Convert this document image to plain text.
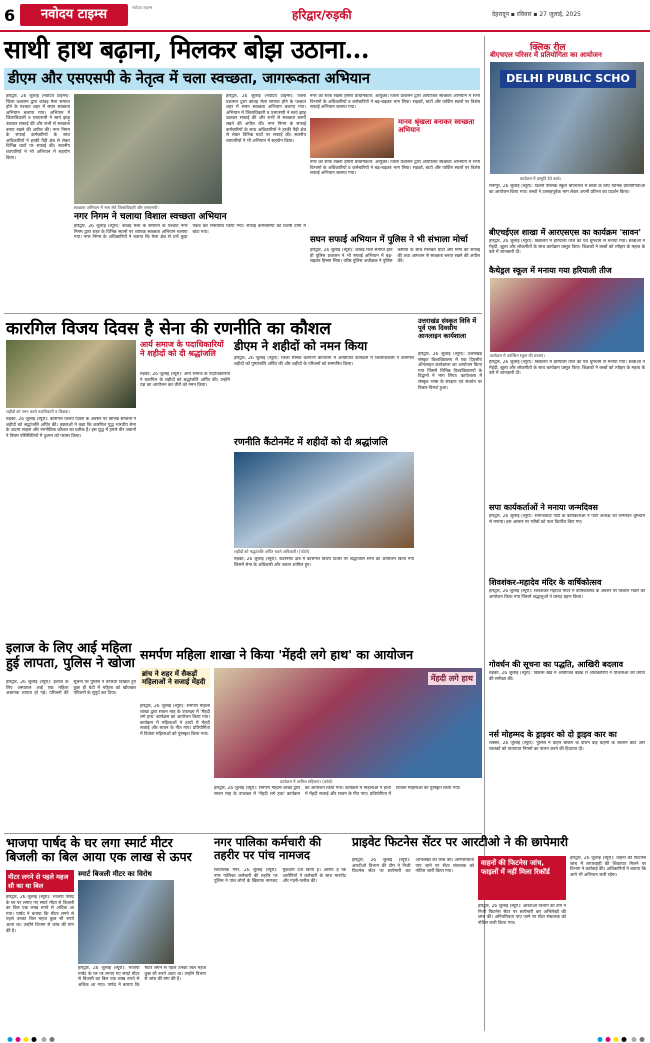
6	नवोदय टाइम्स	नवोदय टाइम्स
हरिद्वार/रुड़की	देहरादून ▪ रविवार ▪ 27 जुलाई, 2025
साथी हाथ बढ़ाना, मिलकर बोझ उठाना...
डीएम और एसएसपी के नेतृत्व में चला स्वच्छता, जागरूकता अभियान
हरिद्वार, 26 जुलाई (नवोदय टाइम्स): जिला प्रशासन द्वारा कांवड़ मेला समाप्त होने के पश्चात शहर में सघन स्वच्छता अभियान चलाया गया। अभियान में जिलाधिकारी व एसएसपी ने स्वयं झाड़ू उठाकर सफाई की और सभी से स्वच्छता बनाए रखने की अपील की। नगर निगम के सफाई कर्मचारियों के साथ अधिकारियों ने हरकी पैड़ी क्षेत्र से लेकर विभिन्न घाटों पर सफाई की। स्थानीय व्यापारियों ने भी अभियान में सहयोग किया।
स्वच्छता अभियान में भाग लेते जिलाधिकारी और एसएसपी।
हरिद्वार, 26 जुलाई (नवोदय टाइम्स): जिला प्रशासन द्वारा कांवड़ मेला समाप्त होने के पश्चात शहर में सघन स्वच्छता अभियान चलाया गया। अभियान में जिलाधिकारी व एसएसपी ने स्वयं झाड़ू उठाकर सफाई की और सभी से स्वच्छता बनाए रखने की अपील की। नगर निगम के सफाई कर्मचारियों के साथ अधिकारियों ने हरकी पैड़ी क्षेत्र से लेकर विभिन्न घाटों पर सफाई की। स्थानीय व्यापारियों ने भी अभियान में सहयोग किया।
नगर को साफ रखना हमारी प्राथमिकता: आयुक्त। जिला प्रशासन द्वारा आयोजित स्वच्छता अभियान में सभी विभागों के अधिकारियों व कर्मचारियों ने बढ़-चढ़कर भाग लिया। सड़कों, घाटों और पार्किंग स्थलों पर विशेष सफाई अभियान चलाया गया।
मानव श्रृंखला बनाकर स्वच्छता अभियान
नगर को साफ रखना हमारी प्राथमिकता: आयुक्त। जिला प्रशासन द्वारा आयोजित स्वच्छता अभियान में सभी विभागों के अधिकारियों व कर्मचारियों ने बढ़-चढ़कर भाग लिया। सड़कों, घाटों और पार्किंग स्थलों पर विशेष सफाई अभियान चलाया गया।
नगर निगम ने चलाया विशाल स्वच्छता अभियान
हरिद्वार, 26 जुलाई (ब्यूरो): कांवड़ मेला के समापन के पश्चात नगर निगम द्वारा शहर के विभिन्न स्थानों पर व्यापक स्वच्छता अभियान चलाया गया। नगर निगम के अधिकारियों ने बताया कि मेला क्षेत्र से टनों कूड़ा एकत्र कर निस्तारित किया गया। सफाई कर्मचारियों को विशेष टीमों में बांटा गया।
सघन सफाई अभियान में पुलिस ने भी संभाला मोर्चा
हरिद्वार, 26 जुलाई (ब्यूरो): कांवड़ मेला समाप्त होते ही पुलिस प्रशासन ने भी सफाई अभियान में बढ़-चढ़कर हिस्सा लिया। वरिष्ठ पुलिस अधीक्षक ने पुलिस कर्मियों के साथ मिलकर घाटों और मार्गों की सफाई की तथा आमजन से स्वच्छता बनाए रखने की अपील की।
क्लिक रील
बीएचएल परिसर में प्रतियोगिता का आयोजन
DELHI PUBLIC SCHO
कार्यक्रम में प्रस्तुति देते बच्चे।
रानीपुर, 26 जुलाई (ब्यूरो): दिल्ली पब्लिक स्कूल बीएचएल में छात्रों के लिए विभिन्न प्रतियोगिताओं का आयोजन किया गया। बच्चों ने उत्साहपूर्वक भाग लेकर अपनी प्रतिभा का प्रदर्शन किया।
बीएचईएल शाखा में आरएसएस का कार्यक्रम 'सावन'
हरिद्वार, 26 जुलाई (ब्यूरो): विद्यालय में हरियाली तीज का पर्व धूमधाम से मनाया गया। छात्राओं ने मेहंदी, झूला और लोकगीतों के साथ कार्यक्रम प्रस्तुत किए। शिक्षकों ने बच्चों को त्योहार के महत्व के बारे में जानकारी दी।
कैथेड्रल स्कूल में मनाया गया हरियाली तीज
कार्यक्रम में उपस्थित स्कूल की छात्राएं।
हरिद्वार, 26 जुलाई (ब्यूरो): विद्यालय में हरियाली तीज का पर्व धूमधाम से मनाया गया। छात्राओं ने मेहंदी, झूला और लोकगीतों के साथ कार्यक्रम प्रस्तुत किए। शिक्षकों ने बच्चों को त्योहार के महत्व के बारे में जानकारी दी।
सपा कार्यकर्ताओं ने मनाया जन्मदिवस
हरिद्वार, 26 जुलाई (ब्यूरो): समाजवादी पार्टी के कार्यकर्ताओं ने पार्टी अध्यक्ष का जन्मदिन धूमधाम से मनाया। इस अवसर पर गरीबों को फल वितरित किए गए।
शिवशंकर-महादेव मंदिर के वार्षिकोत्सव
हरिद्वार, 26 जुलाई (ब्यूरो): शिवशंकर महादेव मंदिर में वार्षिकोत्सव के अवसर पर विशाल भंडारे का आयोजन किया गया जिसमें श्रद्धालुओं ने प्रसाद ग्रहण किया।
गोवर्धन की सूचना का पद्धति, आखिरी बदलाव
रुड़की, 26 जुलाई (ब्यूरो): विकास खंड में आयोजित बैठक में अधिकारियों ने योजनाओं की प्रगति की समीक्षा की।
नर्स मोहम्मद के ड्राइवर को दो ड्राइव कार का
लक्सर, 26 जुलाई (ब्यूरो): पुलिस ने वाहन चेकिंग के दौरान कई वाहनों के चालान काटे और चालकों को यातायात नियमों का पालन करने की हिदायत दी।
कारगिल विजय दिवस है सेना की रणनीति का कौशल	उत्तराखंड संस्कृत विवि में पूर्व एक दिवसीय आनलाइन कार्यशाला
शहीदों को नमन करते पदाधिकारी व शिक्षक।
रुड़की, 26 जुलाई (ब्यूरो): कारगिल विजय दिवस के अवसर पर विभिन्न संगठनों ने शहीदों को श्रद्धांजलि अर्पित की। वक्ताओं ने कहा कि कारगिल युद्ध भारतीय सेना के अदम्य साहस और रणनीतिक कौशल का प्रतीक है। इस युद्ध में हमारे वीर जवानों ने विषम परिस्थितियों में दुश्मन को परास्त किया।
आर्य समाज के पदाधिकारियों ने शहीदों को दी श्रद्धांजलि
रुड़की, 26 जुलाई (ब्यूरो): आर्य समाज के पदाधिकारियों ने कारगिल के शहीदों को श्रद्धांजलि अर्पित की। उन्होंने यज्ञ का आयोजन कर वीरों को नमन किया।
डीएम ने शहीदों को नमन किया
हरिद्वार, 26 जुलाई (ब्यूरो): जिला सैनिक कल्याण कार्यालय में आयोजित कार्यक्रम में जिलाधिकारी ने कारगिल शहीदों को पुष्पांजलि अर्पित की और शहीदों के परिजनों को सम्मानित किया।
रणनीति कैंटोनमेंट में शहीदों को दी श्रद्धांजलि
शहीदों को श्रद्धांजलि अर्पित करते अधिकारी। (फोटो)
रुड़की, 26 जुलाई (ब्यूरो): कैंटोनमेंट क्षेत्र में कारगिल विजय दिवस पर श्रद्धांजलि सभा का आयोजन किया गया जिसमें सेना के अधिकारी और जवान शामिल हुए।
हरिद्वार, 26 जुलाई (ब्यूरो): उत्तराखंड संस्कृत विश्वविद्यालय में एक दिवसीय ऑनलाइन कार्यशाला का आयोजन किया गया जिसमें विभिन्न विश्वविद्यालयों के विद्वानों ने भाग लिया। कार्यशाला में संस्कृत भाषा के संरक्षण एवं संवर्धन पर विचार-विमर्श हुआ।
इलाज के लिए आई महिला हुई लापता, पुलिस ने खोजा
हरिद्वार, 26 जुलाई (ब्यूरो): इलाज के लिए अस्पताल आई एक महिला अचानक लापता हो गई। परिजनों की सूचना पर पुलिस ने तत्परता दिखाते हुए कुछ ही घंटों में महिला को खोजकर परिजनों के सुपुर्द कर दिया।
समर्पण महिला शाखा ने किया 'मेंहदी लगे हाथ' का आयोजन
ब्रांच ने शहर में सैकड़ों महिलाओं ने सजाई मेंहदी
हरिद्वार, 26 जुलाई (ब्यूरो): समर्पण महिला शाखा द्वारा सावन माह के उपलक्ष्य में 'मेंहदी लगे हाथ' कार्यक्रम का आयोजन किया गया। कार्यक्रम में महिलाओं ने हाथों में मेंहदी सजाई और सावन के गीत गाए। प्रतियोगिता में विजेता महिलाओं को पुरस्कृत किया गया।
मेंहदी लगे हाथ
कार्यक्रम में शामिल महिलाएं। (फोटो)
हरिद्वार, 26 जुलाई (ब्यूरो): समर्पण महिला शाखा द्वारा सावन माह के उपलक्ष्य में 'मेंहदी लगे हाथ' कार्यक्रम का आयोजन किया गया। कार्यक्रम में महिलाओं ने हाथों में मेंहदी सजाई और सावन के गीत गाए। प्रतियोगिता में विजेता महिलाओं को पुरस्कृत किया गया।
भाजपा पार्षद के घर लगा स्मार्ट मीटर बिजली का बिल आया एक लाख से ऊपर
मीटर लगने से पहले महज सौ का था बिल
स्मार्ट बिजली मीटर का विरोध
हरिद्वार, 26 जुलाई (ब्यूरो): भाजपा पार्षद के घर पर लगाए गए स्मार्ट मीटर से बिजली का बिल एक लाख रुपये से अधिक आ गया। पार्षद ने बताया कि मीटर लगने से पहले उनका बिल महज कुछ सौ रुपये आता था। उन्होंने विभाग से जांच की मांग की है।
हरिद्वार, 26 जुलाई (ब्यूरो): भाजपा पार्षद के घर पर लगाए गए स्मार्ट मीटर से बिजली का बिल एक लाख रुपये से अधिक आ गया। पार्षद ने बताया कि मीटर लगने से पहले उनका बिल महज कुछ सौ रुपये आता था। उन्होंने विभाग से जांच की मांग की है।
नगर पालिका कर्मचारी की तहरीर पर पांच नामजद
शिवालिक नगर, 26 जुलाई (ब्यूरो): नगर पालिका कर्मचारी की तहरीर पर पुलिस ने पांच लोगों के खिलाफ नामजद मुकदमा दर्ज किया है। आरोप है कि आरोपियों ने कर्मचारी के साथ मारपीट और गाली-गलौज की।
प्राइवेट फिटनेस सेंटर पर आरटीओ ने की छापेमारी
हरिद्वार, 26 जुलाई (ब्यूरो): आरटीओ विभाग की टीम ने निजी फिटनेस सेंटर पर छापेमारी कर अभिलेखों की जांच की। अनियमितता पाए जाने पर सेंटर संचालक को नोटिस जारी किया गया।
वाहनों की फिटनेस जांच, फाइलों में नहीं मिला रिकॉर्ड
हरिद्वार, 26 जुलाई (ब्यूरो): आरटीओ विभाग की टीम ने निजी फिटनेस सेंटर पर छापेमारी कर अभिलेखों की जांच की। अनियमितता पाए जाने पर सेंटर संचालक को नोटिस जारी किया गया।
हरिद्वार, 26 जुलाई (ब्यूरो): वाहनों की फिटनेस जांच में लापरवाही की शिकायत मिलने पर विभाग ने कार्रवाई की। अधिकारियों ने बताया कि आगे भी अभियान जारी रहेगा।
